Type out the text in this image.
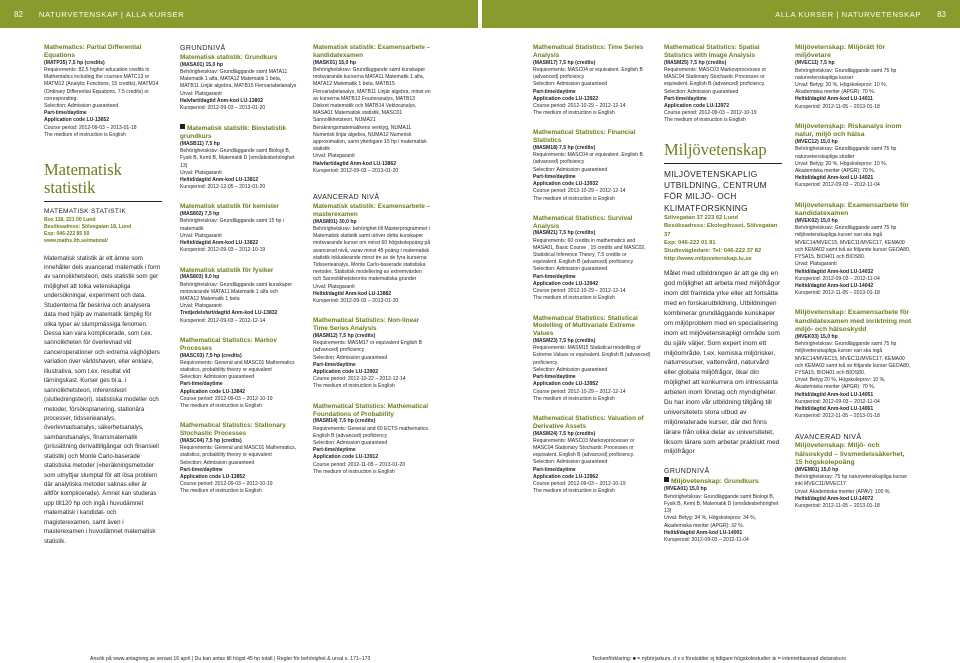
82 NATURVETENSKAP | ALLA KURSER	ALLA KURSER | NATURVETENSKAP 83

Mathematics: Partial Differential Equations

(MATP35) 7,5 hp (credits)

Requirements: 82.5 higher education credits in Mathematics including the courses MATC13 or MATM12 (Analytic Functions, 15 credits), MATM14 (Ordinary Differential Equations, 7.5 credits) or corresponding.

Selection: Admission guaranteed

Part-time/daytime

Application code LU-13652

Course period: 2012-09-03 – 2013-01-18

The medium of instruction is English

Matematisk statistik

MATEMATISK STATISTIK

Box 118, 221 00 Lund

Besöksadress: Sölvegatan 18, Lund

Exp: 046-222 85 50

www.maths.lth.se/matstat/

Matematisk statistik är ett ämne som innehåller dels avancerad matematik i form av sannolikhetsteori, dels statistik som ger möjlighet att tolka vetenskapliga undersökningar, experiment och data. Studenterna får beskriva och analysera data med hjälp av matematik lämplig för olika typer av slumpmässiga fenomen. Dessa kan vara komplicerade, som t.ex. sannolikheten för överlevnad vid canceroperationer och extrema väghöjders variation över världshaven, eller enklare, illustrativa, som t.ex. resultat vid tärningskast. Kurser ges bl.a. i sannolikhetsteori, inferensteori (slutledningsteori), statistiska modeller och metoder, försöksplanering, stationära processer, tidsserieanalys, överlevnadsanalys, säkerhetsanalys, sambandsanalys, finansmatematik (prissättning derivattillgångar och finansiell statistik) och Monte Carlo-baserade statistiska metoder (»beräkningsmetoder som utnyttjar slumptal för att lösa problem där analytiska metoder saknas eller är alltför komplicerade). Ämnet kan studeras upp till120 hp och ingå i huvudämnet matematisk i kandidat- och magisterexamen, samt även i masterexamen i huvudämnet matematisk statistik.

GRUNDNIVÅ

Matematisk statistik: Grundkurs

(MASA01) 15,0 hp

Behörighetskrav: Grundläggande samt MATA11 Matematik 1 alfa, MATA12 Matematik 1 beta, MATB11 Linjär algebra, MATB15 Flervariabelanalys

Urval: Platsgaranti

Halvfart/dagtid Anm-kod LU-13802

Kursperiod: 2012-09-03 – 2013-01-20

Matematisk statistik: Biostatistik grundkurs

(MASB11) 7,5 hp

Behörighetskrav: Grundläggande samt Biologi B, Fysik B, Kemi B, Matematik D (områdesbehörighet 13)

Urval: Platsgaranti

Heltid/dagtid Anm-kod LU-13812

Kursperiod: 2012-12-05 – 2013-01-20

Matematisk statistik för kemister

(MAS802) 7,5 hp

Behörighetskrav: Grundläggande samt 15 hp i matematik

Urval: Platsgaranti

Heltid/dagtid Anm-kod LU-13822

Kursperiod: 2012-09-03 – 2012-10-19

Matematisk statistik för fysiker

(MAS803) 9,0 hp

Behörighetskrav: Grundläggande samt kunskaper motsvarande MATA11 Matematik 1 alfa och MATA12 Matematik 1 beta

Urval: Platsgaranti

Tredjedelsfart/dagtid Anm-kod LU-13832

Kursperiod: 2012-09-03 – 2012-12-14

Mathematical Statistics: Markov Processes

(MASC03) 7,5 hp (credits)

Requirements: General and MASC01 Mathematics statistics, probability theory or equivalent

Selection: Admission guaranteed

Part-time/daytime

Application code LU-13842

Course period: 2012-09-03 – 2012-10-19

The medium of instruction is English

Mathematical Statistics: Stationary Stochastic Processes

(MASC04) 7,5 hp (credits)

Requirements: General and MASC01 Mathematics, statistics, probability theory or equivalent

Selection: Admission guaranteed

Part-time/daytime

Application code LU-13852

Course period: 2012-09-03 – 2012-10-19

The medium of instruction is English

Matematisk statistik: Examensarbete – kandidatexamen

(MASK01) 15,0 hp

Behörighetskrav: Grundläggande samt kunskaper motsvarande kurserna MATA11 Matematik 1 alfa, MATA12 Matematik 1 beta, MATB15 Flervariabelanalys, MATB11 Linjär algebra, minst en av kurserna MATB12 Fourieranalys, MATB13 Diskret matematik och MATB14 Vektoranalys, MASA01 Matematisk statistik, MASC01 Sannolikhetsteori, NUMA21 Beräkningsmatematikens verktyg, NUMA11 Numerisk linjär algebra, NUMA12 Numerisk approximation, samt ytterligare 15 hp i matematisk statistik

Urval: Platsgaranti

Halvfart/dagtid Anm-kod LU-13862

Kursperiod: 2012-09-03 – 2013-01-20

AVANCERAD NIVÅ

Matematisk statistik: Examensarbete – masterexamen

(MASM01) 30,0 hp

Behörighetskrav: behörighet till Masterprogrammet i Matematisk statistik samt utöver detta kunskaper motsvarande kurser om minst 60 högskolepoäng på avancerad nivå, varav minst 45 poäng i matematisk statistik inkluderande minst tre av de fyra kurserna Tidsserieanalys, Monte Carlo-baserade statistiska metoder, Statistisk modellering av extremvärden och Sannolikhetsteorins matematiska grunder

Urval: Platsgaranti

Heltid/dagtid Anm-kod LU-13882

Kursperiod: 2012-09-03 – 2013-01-20

Mathematical Statistics: Non-linear Time Series Analysis

(MASM12) 7,5 hp (credits)

Requirements: MASM17 or equivalent English B (advanced) proficiency

Selection: Admission guaranteed

Part-time/daytime

Application code LU-13902

Course period: 2012-10-22 – 2012-12-14

The medium of instruction is English

Mathematical Statistics: Mathematical Foundations of Probability

(MASM14) 7,5 hp (credits)

Requirements: General and 60 ECTS mathematics. English B (advanced) proficiency

Selection: Admission guaranteed

Part-time/daytime

Application code LU-13912

Course period: 2012-11-05 – 2013-01-20

The medium of instruction is English

Mathematical Statistics: Time Series Analysis

(MASM17) 7,5 hp (credits)

Requirements: MASC04 or equivalent. English B (advanced) proficiency

Selection: Admission guaranteed

Part-time/daytime

Application code LU-13922

Course period: 2012-10-29 – 2012-12-14

The medium of instruction is English

Mathematical Statistics: Financial Statistics

(MASM18) 7,5 hp (credits)

Requirements: MASC04 or equivalent. English B (advanced) proficiency

Selection: Admission guaranteed

Part-time/daytime

Application code LU-13932

Course period: 2012-10-29 – 2012-12-14

The medium of instruction is English

Mathematical Statistics: Survival Analysis

(MASM21) 7,5 hp (credits)

Requirements: 60 credits in mathematics and MASA01, Basic Course , 15 credits and MASC02, Statistical Inference Theory, 7.5 credits or equivalent. English B (advanced) proficiency

Selection: Admission guaranteed

Part-time/daytime

Application code LU-13942

Course period: 2012-10-29 – 2012-12-14

The medium of instruction is English

Mathematical Statistics: Statistical Modelling of Multivariate Extreme Values

(MASM23) 7,5 hp (credits)

Requirements: MASM15 Statistical modelling of Extreme Values or equivalent. English B (advanced) proficiency

Selection: Admission guaranteed

Part-time/daytime

Application code LU-13952

Course period: 2012-10-29 – 2012-12-14

The medium of instruction is English

Mathematical Statistics: Valuation of Derivative Assets

(MASM24) 7,5 hp (credits)

Requirements: MASC03 Markovprocesser or MASC04 Stationary Stochastic Processes or equivalent. English B (advanced) proficiency.

Selection: Admission guaranteed

Part-time/daytime

Application code LU-13962

Course period: 2012-09-03 – 2012-10-19

The medium of instruction is English

Mathematical Statistics: Spatial Statistics with Image Analysis

(MASM25) 7,5 hp (credits)

Requirements: MASC03 Markovprocesses or MASC04 Stationary Stochastic Processes or equivalent. English B (advanced) proficiency.

Selection: Admission guaranteed

Part-time/daytime

Application code LU-13972

Course period: 2012-09-03 – 2012-10-19

The medium of instruction is English

Miljövetenskap

MILJÖVETENSKAPLIG UTBILDNING, CENTRUM FÖR MILJÖ- OCH KLIMATFORSKNING

Sölvegatan 37 223 62 Lund

Besöksadress: Ekologihuset, Sölvegatan 37

Exp: 046-222 01 81

Studievägledare: Tel: 046-222 37 82

http://www.miljovetenskap.lu.se

Målet med utbildningen är att ge dig en god möjlighet att arbeta med miljöfrågor inom ditt framtida yrke eller att fortsätta med en forskarutbildning. Utbildningen kombinerar grundläggande kunskaper om miljöproblem med en specialisering inom ett miljövetenskapligt område som du själv väljer. Som expert inom ett miljöområde, t.ex. kemiska miljörisker, naturresurser, vattenvård, naturvård eller globala miljöfrågor, ökar din möjlighet att konkurrera om intressanta arbeten inom företag och myndigheter. Du har inom vår utbildning tillgång till universitetets stora utbud av miljörelaterade kurser, där det finns lärare från olika delar av universitetet, liksom lärare som arbetar praktiskt med miljöfrågor

GRUNDNIVÅ

Miljövetenskap: Grundkurs

(MVEA01) 15,0 hp

Behörighetskrav: Grundläggande samt Biologi B, Fysik B, Kemi B, Matematik D (områdesbehörighet 13)

Urval: Betyg: 34 %, Högskoleprov: 34 %, Akademiska meriter (APGR): 32 %.

Heltid/dagtid Anm-kod LU-14001

Kursperiod: 2012-09-03 – 2012-11-04

Miljövetenskap: Miljörätt för miljövetare

(MVEC11) 7,5 hp

Behörighetskrav: Grundläggande samt 75 hp naturvetenskapliga kurser

Urval: Betyg: 20 %, Högskoleprov: 10 %, Akademiska meriter (APGR): 70 %.

Heltid/dagtid Anm-kod LU-14011

Kursperiod: 2012-11-05 – 2013-01-18

Miljövetenskap: Riskanalys inom natur, miljö och hälsa

(MVEC12) 15,0 hp

Behörighetskrav: Grundläggande samt 75 hp naturvetenskapliga studier

Urval: Betyg: 20 %, Högskoleprov: 10 %, Akademiska meriter (APGR): 70 %.

Heltid/dagtid Anm-kod LU-14021

Kursperiod: 2012-09-03 – 2012-11-04

Miljövetenskap: Examensarbete för kandidatexamen

(MVEK02) 15,0 hp

Behörighetskrav: Grundläggande samt 75 hp miljövetenskapliga kurser vari ska ingå MVEC14/MVEC15, MVEC11/MVEC17, KEMA00 och KEMA02 samt två av följande kurser GEOA80, FYSA15, BIOH01 och BIOS80.

Urval: Platsgaranti

Heltid/dagtid Anm-kod LU-14032

Kursperiod: 2012-09-03 – 2012-11-04

Heltid/dagtid Anm-kod LU-14042

Kursperiod: 2012-11-05 – 2013-01-18

Miljövetenskap: Examensarbete för kandidatexamen med inriktning mot miljö- och hälsoskydd

(MVEK03) 15,0 hp

Behörighetskrav: Grundläggande samt 75 hp miljövetenskapliga kurser vari ska ingå MVEC14/MVEC15, MVEC11/MVEC17, KEMA00 och KEMA02 samt två av följande kurser GEOA80, FYSA15, BIOH01 och BIOS80.

Urval: Betyg 20 %, Högskoleprov: 10 %, Akademiska meriter (APGR): 70 %.

Heltid/dagtid Anm-kod LU-14051

Kursperiod: 2012-09-03 – 2012-11-04

Heltid/dagtid Anm-kod LU-14061

Kursperiod: 2012-11-05 – 2013-01-18

AVANCERAD NIVÅ

Miljövetenskap: Miljö- och hälsoskydd – livsmedelssäkerhet, 15 högskolepoäng

(MVEM01) 15,0 hp

Behörighetskrav: 75 hp naturvetenskapliga kurser inkl MVEC11/MVEC17

Urval: Akademiska meriter (APAV): 100 %.

Heltid/dagtid Anm-kod LU-14072

Kursperiod: 2012-11-05 – 2013-01-18

Ansök på www.antagning.se senast 16 april | Du kan antas till högst 45 hp totalt | Regler för behörighet & urval s. 171–173	Teckenförklaring: ■ = nybörjarkurs, d v s förutsätter ej tidigare högskolestudier ⊕ = internetbaserad distanskurs
